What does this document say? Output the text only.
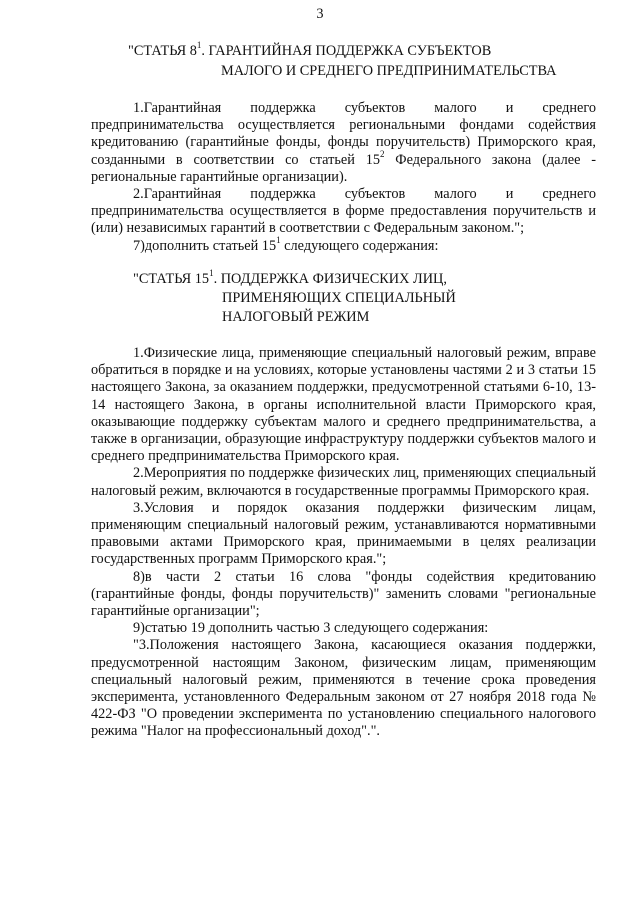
3
"СТАТЬЯ $8^1$. ГАРАНТИЙНАЯ ПОДДЕРЖКА СУБЪЕКТОВ
МАЛОГО И СРЕДНЕГО ПРЕДПРИНИМАТЕЛЬСТВА

1.Гарантийная поддержка субъектов малого и среднего предпринимательства осуществляется региональными фондами содействия кредитованию (гарантийные фонды, фонды поручительств) Приморского края, созданными в соответствии со статьей $15^2$ Федерального закона (далее - региональные гарантийные организации).

2.Гарантийная поддержка субъектов малого и среднего предпринимательства осуществляется в форме предоставления поручительств и (или) независимых гарантий в соответствии с Федеральным законом.";

7)дополнить статьей $15^1$ следующего содержания:

"СТАТЬЯ $15^1$. ПОДДЕРЖКА ФИЗИЧЕСКИХ ЛИЦ,
ПРИМЕНЯЮЩИХ СПЕЦИАЛЬНЫЙ
НАЛОГОВЫЙ РЕЖИМ

1.Физические лица, применяющие специальный налоговый режим, вправе обратиться в порядке и на условиях, которые установлены частями 2 и 3 статьи 15 настоящего Закона, за оказанием поддержки, предусмотренной статьями 6-10, 13-14 настоящего Закона, в органы исполнительной власти Приморского края, оказывающие поддержку субъектам малого и среднего предпринимательства, а также в организации, образующие инфраструктуру поддержки субъектов малого и среднего предпринимательства Приморского края.

2.Мероприятия по поддержке физических лиц, применяющих специальный налоговый режим, включаются в государственные программы Приморского края.

3.Условия и порядок оказания поддержки физическим лицам, применяющим специальный налоговый режим, устанавливаются нормативными правовыми актами Приморского края, принимаемыми в целях реализации государственных программ Приморского края.";

8)в части 2 статьи 16 слова "фонды содействия кредитованию (гарантийные фонды, фонды поручительств)" заменить словами "региональные гарантийные организации";

9)статью 19 дополнить частью 3 следующего содержания:

"3.Положения настоящего Закона, касающиеся оказания поддержки, предусмотренной настоящим Законом, физическим лицам, применяющим специальный налоговый режим, применяются в течение срока проведения эксперимента, установленного Федеральным законом от 27 ноября 2018 года № 422-ФЗ "О проведении эксперимента по установлению специального налогового режима "Налог на профессиональный доход".".
